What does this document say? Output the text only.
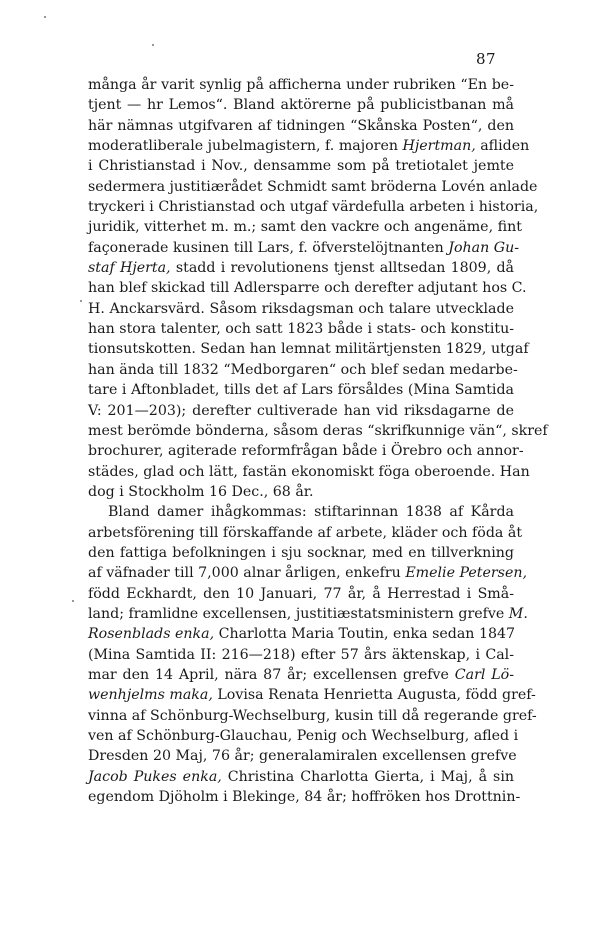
87
många år varit synlig på afficherna under rubriken “En be-
tjent — hr Lemos“. Bland aktörerne på publicistbanan må
här nämnas utgifvaren af tidningen “Skånska Posten“, den
moderatliberale jubelmagistern, f. majoren Hjertman, afliden
i Christianstad i Nov., densamme som på tretiotalet jemte
sedermera justitiærådet Schmidt samt bröderna Lovén anlade
tryckeri i Christianstad och utgaf värdefulla arbeten i historia,
juridik, vitterhet m. m.; samt den vackre och angenäme, fint
façonerade kusinen till Lars, f. öfverstelöjtnanten Johan Gu-
staf Hjerta, stadd i revolutionens tjenst alltsedan 1809, då
han blef skickad till Adlersparre och derefter adjutant hos C.
H. Anckarsvärd. Såsom riksdagsman och talare utvecklade
han stora talenter, och satt 1823 både i stats- och konstitu-
tionsutskotten. Sedan han lemnat militärtjensten 1829, utgaf
han ända till 1832 “Medborgaren“ och blef sedan medarbe-
tare i Aftonbladet, tills det af Lars försåldes (Mina Samtida
V: 201—203); derefter cultiverade han vid riksdagarne de
mest berömde bönderna, såsom deras “skrifkunnige vän“, skref
brochurer, agiterade reformfrågan både i Örebro och annor-
städes, glad och lätt, fastän ekonomiskt föga oberoende. Han
dog i Stockholm 16 Dec., 68 år.
Bland damer ihågkommas: stiftarinnan 1838 af Kårda
arbetsförening till förskaffande af arbete, kläder och föda åt
den fattiga befolkningen i sju socknar, med en tillverkning
af väfnader till 7,000 alnar årligen, enkefru Emelie Petersen,
född Eckhardt, den 10 Januari, 77 år, å Herrestad i Små-
land; framlidne excellensen, justitiæstatsministern grefve M.
Rosenblads enka, Charlotta Maria Toutin, enka sedan 1847
(Mina Samtida II: 216—218) efter 57 års äktenskap, i Cal-
mar den 14 April, nära 87 år; excellensen grefve Carl Lö-
wenhjelms maka, Lovisa Renata Henrietta Augusta, född gref-
vinna af Schönburg-Wechselburg, kusin till då regerande gref-
ven af Schönburg-Glauchau, Penig och Wechselburg, afled i
Dresden 20 Maj, 76 år; generalamiralen excellensen grefve
Jacob Pukes enka, Christina Charlotta Gierta, i Maj, å sin
egendom Djöholm i Blekinge, 84 år; hoffröken hos Drottnin-
